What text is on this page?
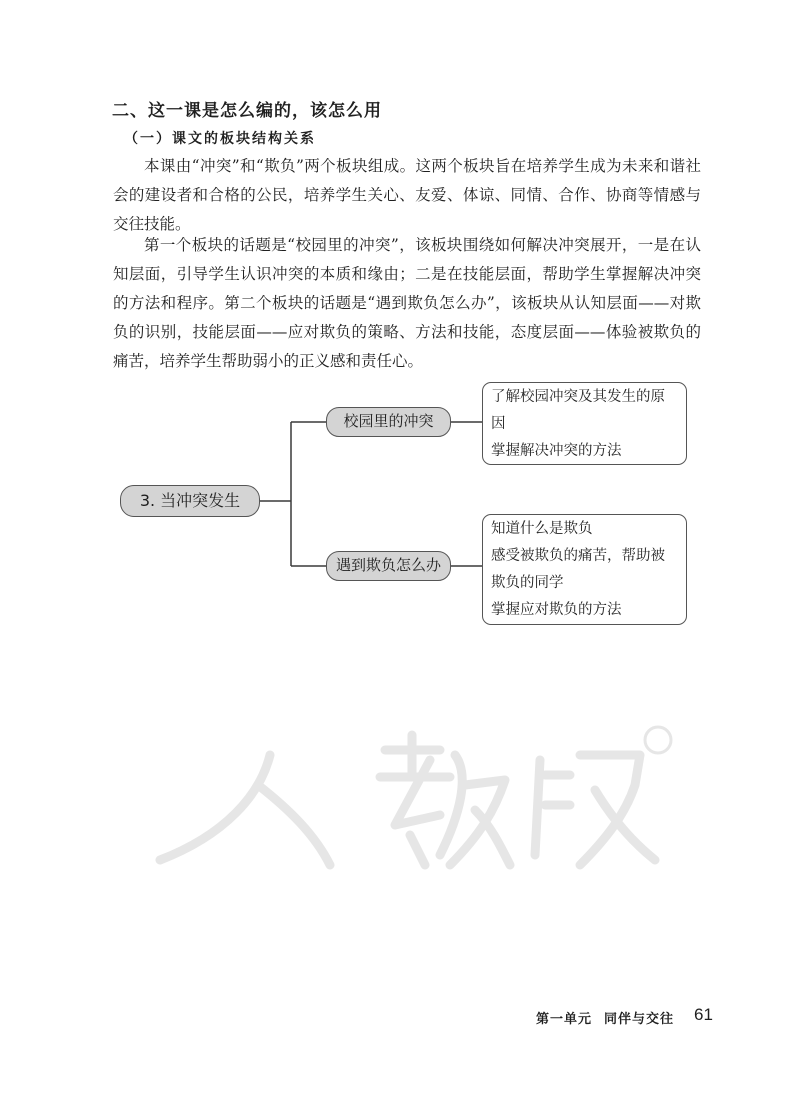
二、这一课是怎么编的，该怎么用
（一）课文的板块结构关系

本课由“冲突”和“欺负”两个板块组成。这两个板块旨在培养学生成为未来和谐社会的建设者和合格的公民，培养学生关心、友爱、体谅、同情、合作、协商等情感与交往技能。

第一个板块的话题是“校园里的冲突”，该板块围绕如何解决冲突展开，一是在认知层面，引导学生认识冲突的本质和缘由；二是在技能层面，帮助学生掌握解决冲突的方法和程序。第二个板块的话题是“遇到欺负怎么办”，该板块从认知层面——对欺负的识别，技能层面——应对欺负的策略、方法和技能，态度层面——体验被欺负的痛苦，培养学生帮助弱小的正义感和责任心。

3. 当冲突发生
校园里的冲突
遇到欺负怎么办
了解校园冲突及其发生的原因
掌握解决冲突的方法
知道什么是欺负
感受被欺负的痛苦，帮助被欺负的同学
掌握应对欺负的方法
第一单元 同伴与交往 61
